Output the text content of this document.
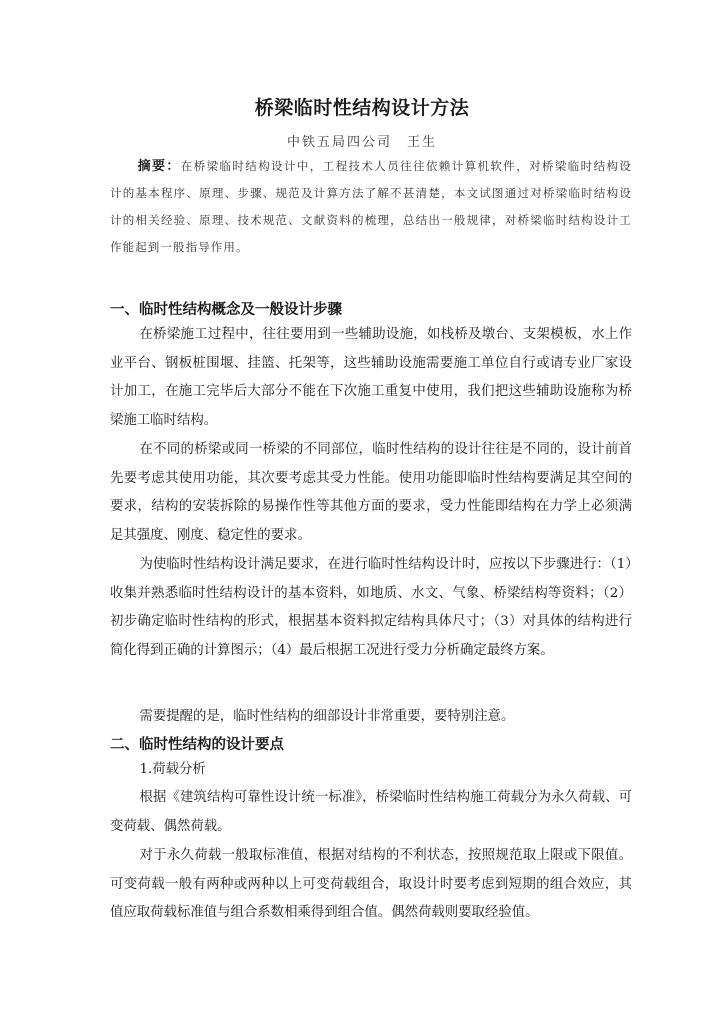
桥梁临时性结构设计方法
中铁五局四公司　王生

摘要：在桥梁临时结构设计中，工程技术人员往往依赖计算机软件，对桥梁临时结构设计的基本程序、原理、步骤、规范及计算方法了解不甚清楚，本文试图通过对桥梁临时结构设计的相关经验、原理、技术规范、文献资料的梳理，总结出一般规律，对桥梁临时结构设计工作能起到一般指导作用。

一、临时性结构概念及一般设计步骤

在桥梁施工过程中，往往要用到一些辅助设施，如栈桥及墩台、支架模板，水上作业平台、钢板桩围堰、挂篮、托架等，这些辅助设施需要施工单位自行或请专业厂家设计加工，在施工完毕后大部分不能在下次施工重复中使用，我们把这些辅助设施称为桥梁施工临时结构。

在不同的桥梁或同一桥梁的不同部位，临时性结构的设计往往是不同的，设计前首先要考虑其使用功能，其次要考虑其受力性能。使用功能即临时性结构要满足其空间的要求，结构的安装拆除的易操作性等其他方面的要求，受力性能即结构在力学上必须满足其强度、刚度、稳定性的要求。

为使临时性结构设计满足要求，在进行临时性结构设计时，应按以下步骤进行：（1）收集并熟悉临时性结构设计的基本资料，如地质、水文、气象、桥梁结构等资料；（2）初步确定临时性结构的形式，根据基本资料拟定结构具体尺寸；（3）对具体的结构进行简化得到正确的计算图示；（4）最后根据工况进行受力分析确定最终方案。

需要提醒的是，临时性结构的细部设计非常重要，要特别注意。

二、临时性结构的设计要点

1.荷载分析

根据《建筑结构可靠性设计统一标准》，桥梁临时性结构施工荷载分为永久荷载、可变荷载、偶然荷载。

对于永久荷载一般取标准值，根据对结构的不利状态，按照规范取上限或下限值。可变荷载一般有两种或两种以上可变荷载组合，取设计时要考虑到短期的组合效应，其值应取荷载标准值与组合系数相乘得到组合值。偶然荷载则要取经验值。
